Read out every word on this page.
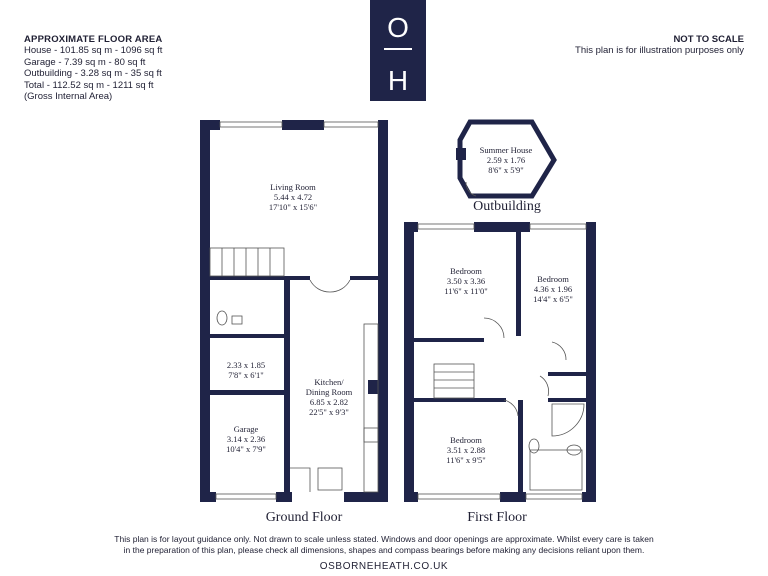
APPROXIMATE FLOOR AREA
House - 101.85 sq m - 1096 sq ft
Garage - 7.39 sq m - 80 sq ft
Outbuilding - 3.28 sq m - 35 sq ft
Total - 112.52 sq m - 1211 sq ft
(Gross Internal Area)
NOT TO SCALE
This plan is for illustration purposes only
O
H
Living Room
5.44 x 4.72
17'10" x 15'6"
Kitchen/
Dining Room
6.85 x 2.82
22'5" x 9'3"
2.33 x 1.85
7'8" x 6'1"
Garage
3.14 x 2.36
10'4" x 7'9"
Bedroom
3.50 x 3.36
11'6" x 11'0"
Bedroom
4.36 x 1.96
14'4" x 6'5"
Bedroom
3.51 x 2.88
11'6" x 9'5"
Summer House
2.59 x 1.76
8'6" x 5'9"
Ground Floor	First Floor
Outbuilding
This plan is for layout guidance only. Not drawn to scale unless stated. Windows and door openings are approximate. Whilst every care is taken
in the preparation of this plan, please check all dimensions, shapes and compass bearings before making any decisions reliant upon them.
OSBORNEHEATH.CO.UK
